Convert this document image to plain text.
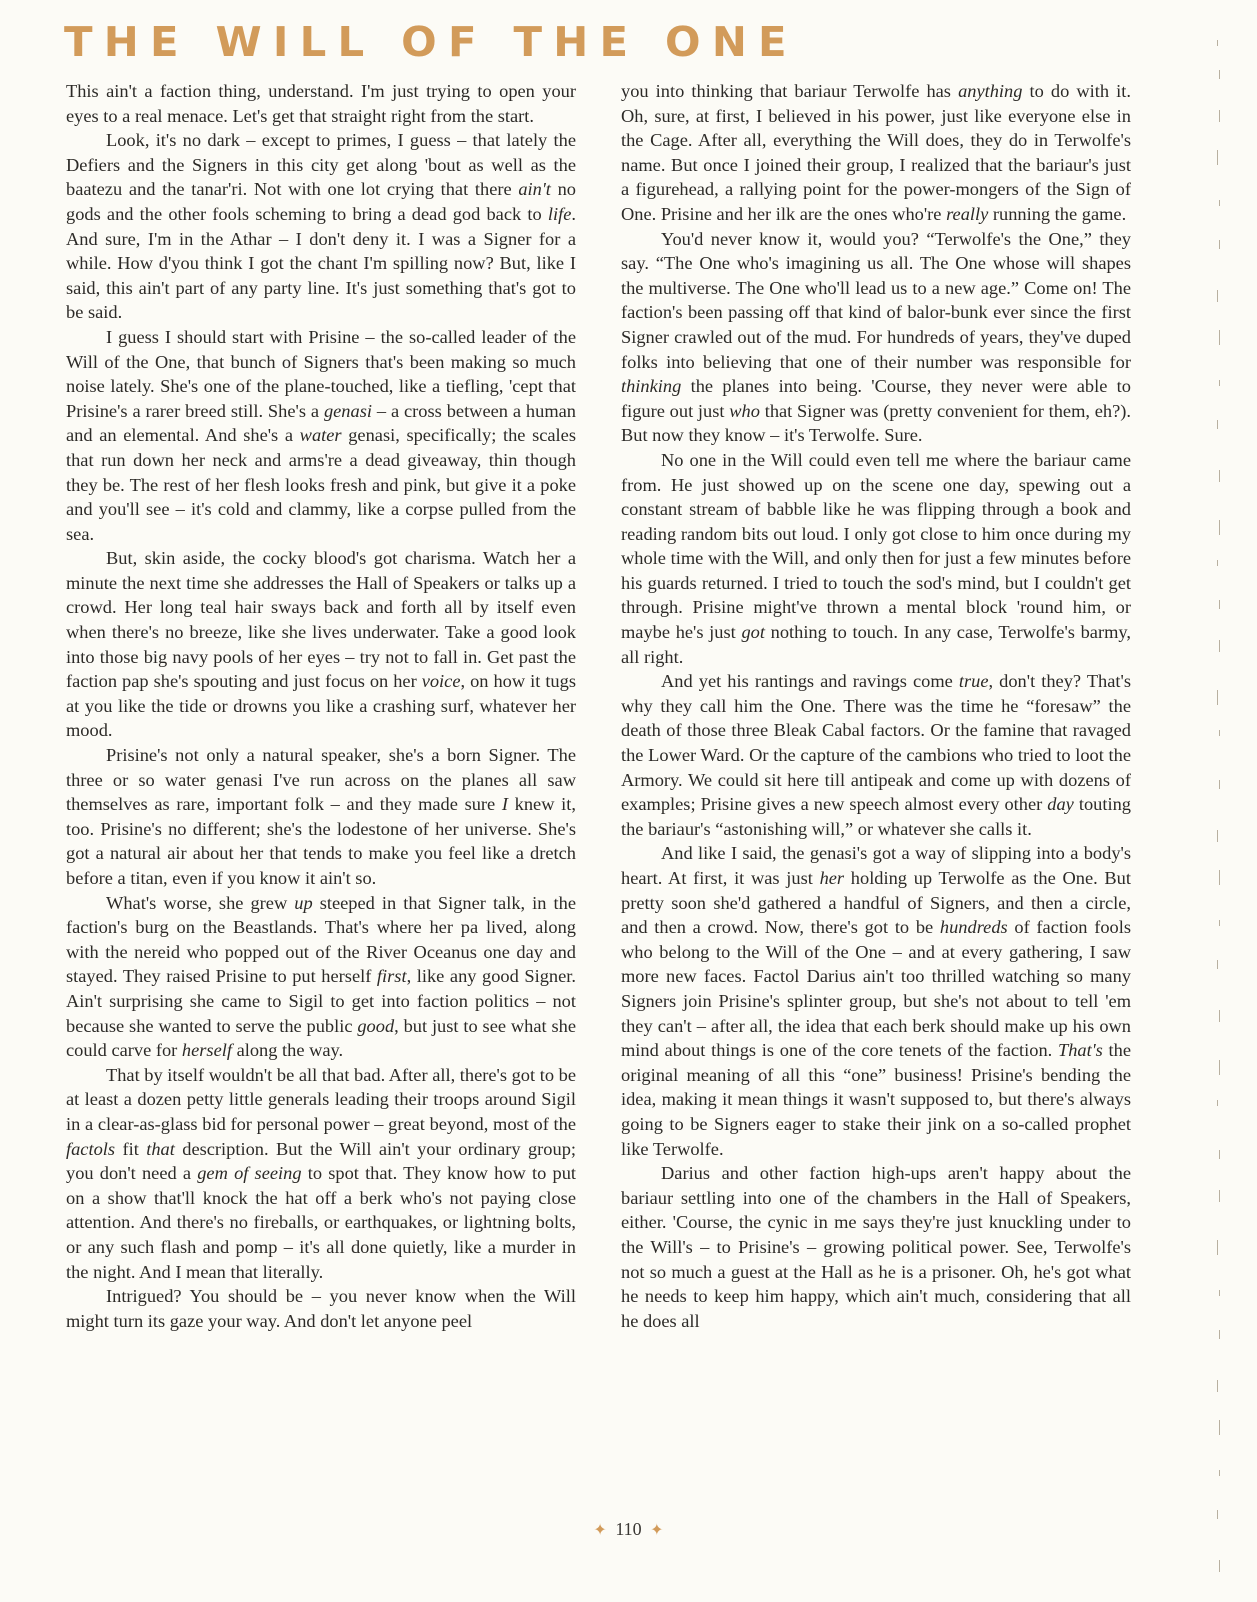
THE WILL OF THE ONE

This ain't a faction thing, understand. I'm just trying to open your eyes to a real menace. Let's get that straight right from the start.

Look, it's no dark – except to primes, I guess – that lately the Defiers and the Signers in this city get along 'bout as well as the baatezu and the tanar'ri. Not with one lot crying that there ain't no gods and the other fools scheming to bring a dead god back to life. And sure, I'm in the Athar – I don't deny it. I was a Signer for a while. How d'you think I got the chant I'm spilling now? But, like I said, this ain't part of any party line. It's just something that's got to be said.

I guess I should start with Prisine – the so-called leader of the Will of the One, that bunch of Signers that's been making so much noise lately. She's one of the plane-touched, like a tiefling, 'cept that Prisine's a rarer breed still. She's a genasi – a cross between a human and an elemental. And she's a water genasi, specifically; the scales that run down her neck and arms're a dead giveaway, thin though they be. The rest of her flesh looks fresh and pink, but give it a poke and you'll see – it's cold and clammy, like a corpse pulled from the sea.

But, skin aside, the cocky blood's got charisma. Watch her a minute the next time she addresses the Hall of Speakers or talks up a crowd. Her long teal hair sways back and forth all by itself even when there's no breeze, like she lives underwater. Take a good look into those big navy pools of her eyes – try not to fall in. Get past the faction pap she's spouting and just focus on her voice, on how it tugs at you like the tide or drowns you like a crashing surf, whatever her mood.

Prisine's not only a natural speaker, she's a born Signer. The three or so water genasi I've run across on the planes all saw themselves as rare, important folk – and they made sure I knew it, too. Prisine's no different; she's the lodestone of her universe. She's got a natural air about her that tends to make you feel like a dretch before a titan, even if you know it ain't so.

What's worse, she grew up steeped in that Signer talk, in the faction's burg on the Beastlands. That's where her pa lived, along with the nereid who popped out of the River Oceanus one day and stayed. They raised Prisine to put herself first, like any good Signer. Ain't surprising she came to Sigil to get into faction politics – not because she wanted to serve the public good, but just to see what she could carve for herself along the way.

That by itself wouldn't be all that bad. After all, there's got to be at least a dozen petty little generals leading their troops around Sigil in a clear-as-glass bid for personal power – great beyond, most of the factols fit that description. But the Will ain't your ordinary group; you don't need a gem of seeing to spot that. They know how to put on a show that'll knock the hat off a berk who's not paying close attention. And there's no fireballs, or earthquakes, or lightning bolts, or any such flash and pomp – it's all done quietly, like a murder in the night. And I mean that literally.

Intrigued? You should be – you never know when the Will might turn its gaze your way. And don't let anyone peel

you into thinking that bariaur Terwolfe has anything to do with it. Oh, sure, at first, I believed in his power, just like everyone else in the Cage. After all, everything the Will does, they do in Terwolfe's name. But once I joined their group, I realized that the bariaur's just a figurehead, a rallying point for the power-mongers of the Sign of One. Prisine and her ilk are the ones who're really running the game.

You'd never know it, would you? “Terwolfe's the One,” they say. “The One who's imagining us all. The One whose will shapes the multiverse. The One who'll lead us to a new age.” Come on! The faction's been passing off that kind of balor-bunk ever since the first Signer crawled out of the mud. For hundreds of years, they've duped folks into believing that one of their number was responsible for thinking the planes into being. 'Course, they never were able to figure out just who that Signer was (pretty convenient for them, eh?). But now they know – it's Terwolfe. Sure.

No one in the Will could even tell me where the bariaur came from. He just showed up on the scene one day, spewing out a constant stream of babble like he was flipping through a book and reading random bits out loud. I only got close to him once during my whole time with the Will, and only then for just a few minutes before his guards returned. I tried to touch the sod's mind, but I couldn't get through. Prisine might've thrown a mental block 'round him, or maybe he's just got nothing to touch. In any case, Terwolfe's barmy, all right.

And yet his rantings and ravings come true, don't they? That's why they call him the One. There was the time he “foresaw” the death of those three Bleak Cabal factors. Or the famine that ravaged the Lower Ward. Or the capture of the cambions who tried to loot the Armory. We could sit here till antipeak and come up with dozens of examples; Prisine gives a new speech almost every other day touting the bariaur's “astonishing will,” or whatever she calls it.

And like I said, the genasi's got a way of slipping into a body's heart. At first, it was just her holding up Terwolfe as the One. But pretty soon she'd gathered a handful of Signers, and then a circle, and then a crowd. Now, there's got to be hundreds of faction fools who belong to the Will of the One – and at every gathering, I saw more new faces. Factol Darius ain't too thrilled watching so many Signers join Prisine's splinter group, but she's not about to tell 'em they can't – after all, the idea that each berk should make up his own mind about things is one of the core tenets of the faction. That's the original meaning of all this “one” business! Prisine's bending the idea, making it mean things it wasn't supposed to, but there's always going to be Signers eager to stake their jink on a so-called prophet like Terwolfe.

Darius and other faction high-ups aren't happy about the bariaur settling into one of the chambers in the Hall of Speakers, either. 'Course, the cynic in me says they're just knuckling under to the Will's – to Prisine's – growing political power. See, Terwolfe's not so much a guest at the Hall as he is a prisoner. Oh, he's got what he needs to keep him happy, which ain't much, considering that all he does all

✦ 110 ✦
